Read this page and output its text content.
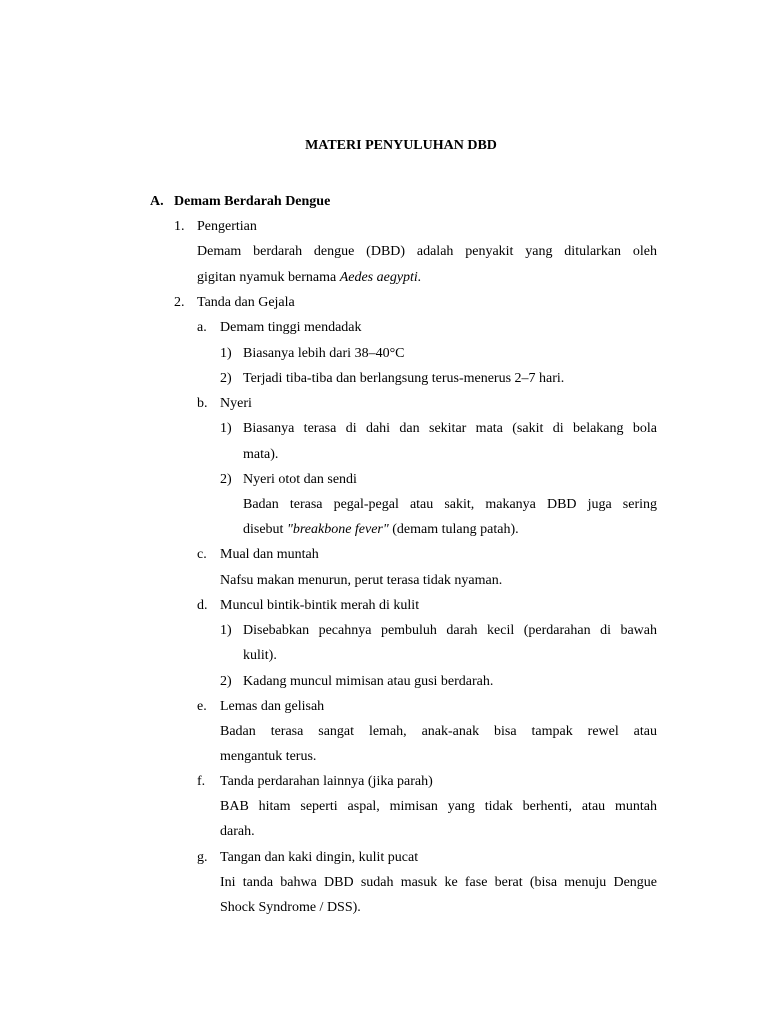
MATERI PENYULUHAN DBD
A. Demam Berdarah Dengue
1. Pengertian
Demam berdarah dengue (DBD) adalah penyakit yang ditularkan oleh
gigitan nyamuk bernama Aedes aegypti.
2. Tanda dan Gejala
a. Demam tinggi mendadak
1) Biasanya lebih dari 38–40°C
2) Terjadi tiba-tiba dan berlangsung terus-menerus 2–7 hari.
b. Nyeri
1) Biasanya terasa di dahi dan sekitar mata (sakit di belakang bola
mata).
2) Nyeri otot dan sendi
Badan terasa pegal-pegal atau sakit, makanya DBD juga sering
disebut "breakbone fever" (demam tulang patah).
c. Mual dan muntah
Nafsu makan menurun, perut terasa tidak nyaman.
d. Muncul bintik-bintik merah di kulit
1) Disebabkan pecahnya pembuluh darah kecil (perdarahan di bawah
kulit).
2) Kadang muncul mimisan atau gusi berdarah.
e. Lemas dan gelisah
Badan terasa sangat lemah, anak-anak bisa tampak rewel atau
mengantuk terus.
f. Tanda perdarahan lainnya (jika parah)
BAB hitam seperti aspal, mimisan yang tidak berhenti, atau muntah
darah.
g. Tangan dan kaki dingin, kulit pucat
Ini tanda bahwa DBD sudah masuk ke fase berat (bisa menuju Dengue
Shock Syndrome / DSS).
